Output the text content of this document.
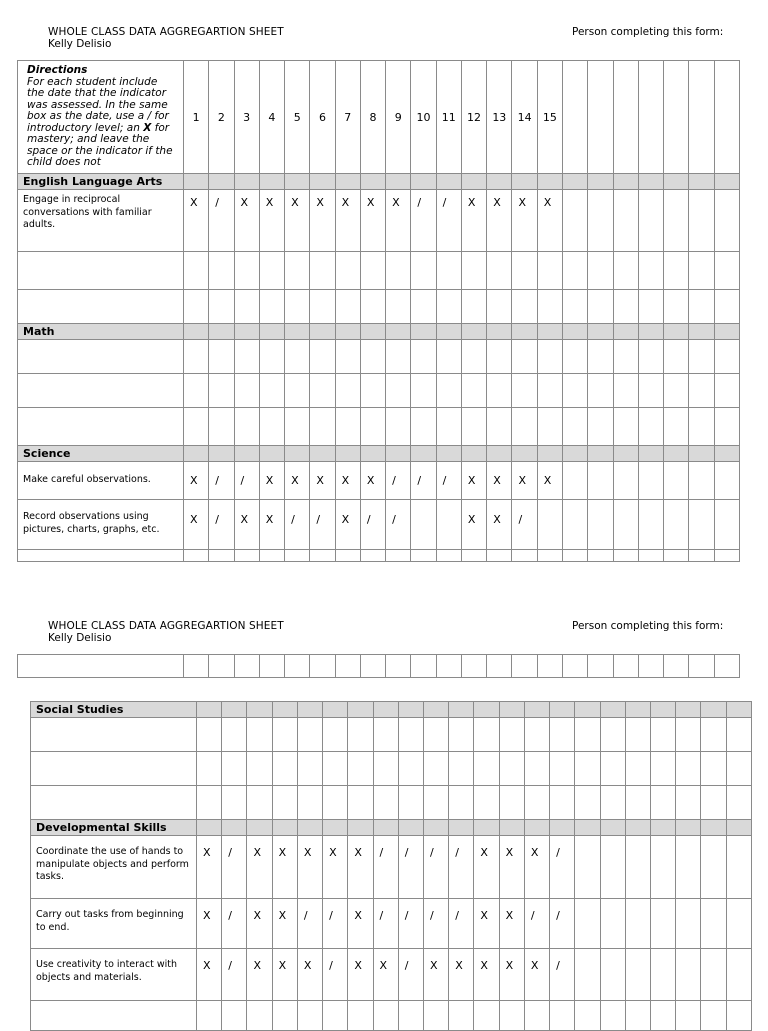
WHOLE CLASS DATA AGGREGARTION SHEET
Kelly Delisio
Person completing this form:
Directions
For each student include the date that the indicator was assessed. In the same box as the date, use a / for introductory level; an X for mastery; and leave the space or the indicator if the child does not	1	2	3	4	5	6	7	8	9	10	11	12	13	14	15							
English Language Arts																						
Engage in reciprocal conversations with familiar adults.	X	/	X	X	X	X	X	X	X	/	/	X	X	X	X							

Math																						

Science																						
Make careful observations.	X	/	/	X	X	X	X	X	/	/	/	X	X	X	X							
Record observations using pictures, charts, graphs, etc.	X	/	X	X	/	/	X	/	/			X	X	/								

WHOLE CLASS DATA AGGREGARTION SHEET
Kelly Delisio
Person completing this form:

Social Studies																						

Developmental Skills																						
Coordinate the use of hands to manipulate objects and perform tasks.	X	/	X	X	X	X	X	/	/	/	/	X	X	X	/							
Carry out tasks from beginning to end.	X	/	X	X	/	/	X	/	/	/	/	X	X	/	/							
Use creativity to interact with objects and materials.	X	/	X	X	X	/	X	X	/	X	X	X	X	X	/							
